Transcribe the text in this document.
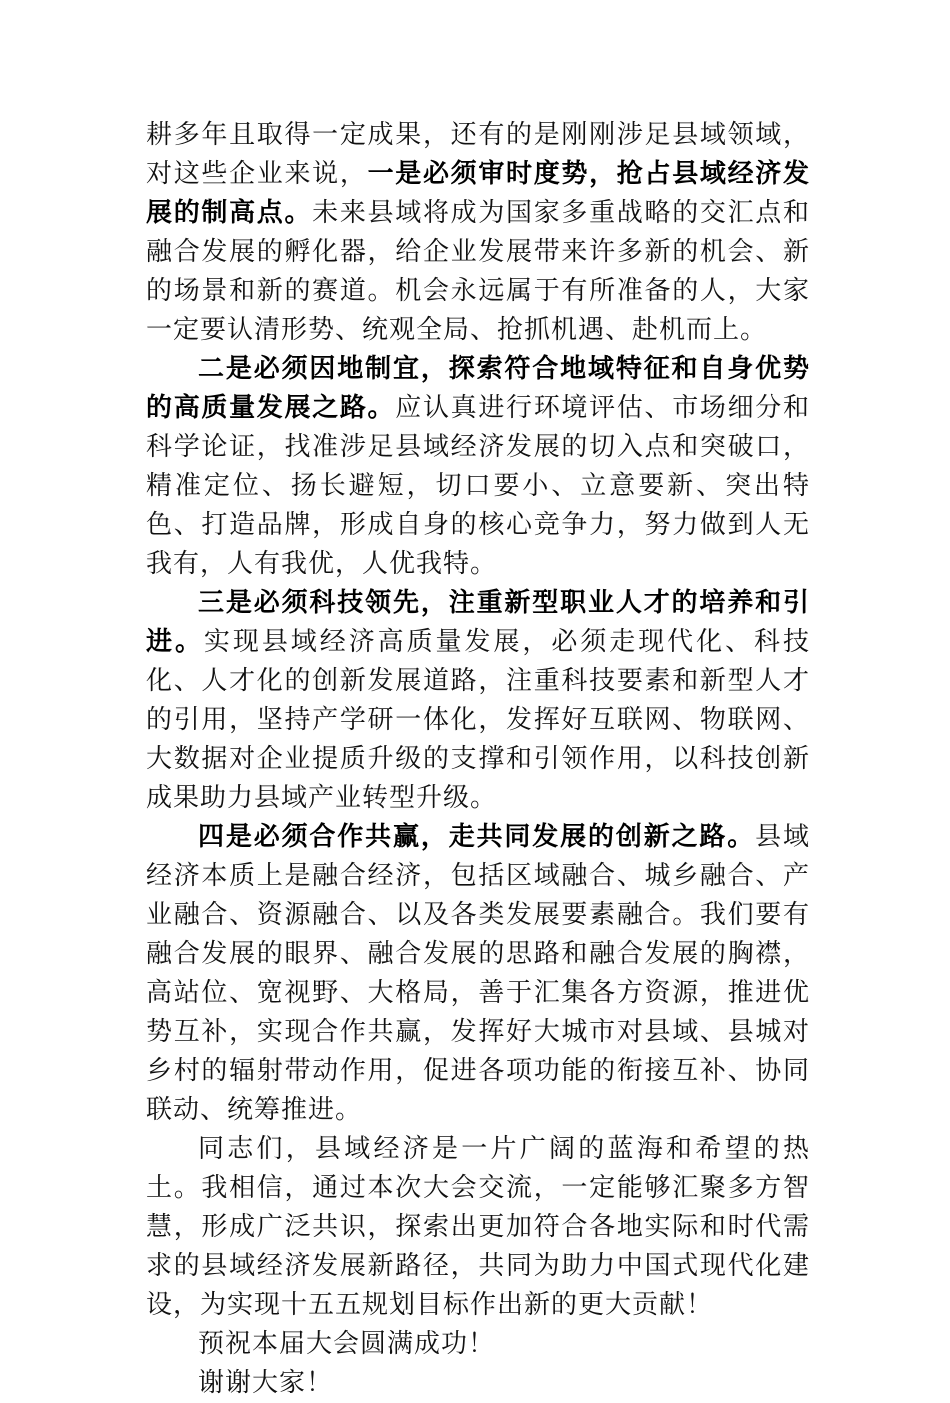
耕多年且取得一定成果，还有的是刚刚涉足县域领域，对这些企业来说，一是必须审时度势，抢占县域经济发展的制高点。未来县域将成为国家多重战略的交汇点和融合发展的孵化器，给企业发展带来许多新的机会、新的场景和新的赛道。机会永远属于有所准备的人，大家一定要认清形势、统观全局、抢抓机遇、赴机而上。

二是必须因地制宜，探索符合地域特征和自身优势的高质量发展之路。应认真进行环境评估、市场细分和科学论证，找准涉足县域经济发展的切入点和突破口，精准定位、扬长避短，切口要小、立意要新、突出特色、打造品牌，形成自身的核心竞争力，努力做到人无我有，人有我优，人优我特。

三是必须科技领先，注重新型职业人才的培养和引进。实现县域经济高质量发展，必须走现代化、科技化、人才化的创新发展道路，注重科技要素和新型人才的引用，坚持产学研一体化，发挥好互联网、物联网、大数据对企业提质升级的支撑和引领作用，以科技创新成果助力县域产业转型升级。

四是必须合作共赢，走共同发展的创新之路。县域经济本质上是融合经济，包括区域融合、城乡融合、产业融合、资源融合、以及各类发展要素融合。我们要有融合发展的眼界、融合发展的思路和融合发展的胸襟，高站位、宽视野、大格局，善于汇集各方资源，推进优势互补，实现合作共赢，发挥好大城市对县域、县城对乡村的辐射带动作用，促进各项功能的衔接互补、协同联动、统筹推进。

同志们，县域经济是一片广阔的蓝海和希望的热土。我相信，通过本次大会交流，一定能够汇聚多方智慧，形成广泛共识，探索出更加符合各地实际和时代需求的县域经济发展新路径，共同为助力中国式现代化建设，为实现十五五规划目标作出新的更大贡献！

预祝本届大会圆满成功！

谢谢大家！
